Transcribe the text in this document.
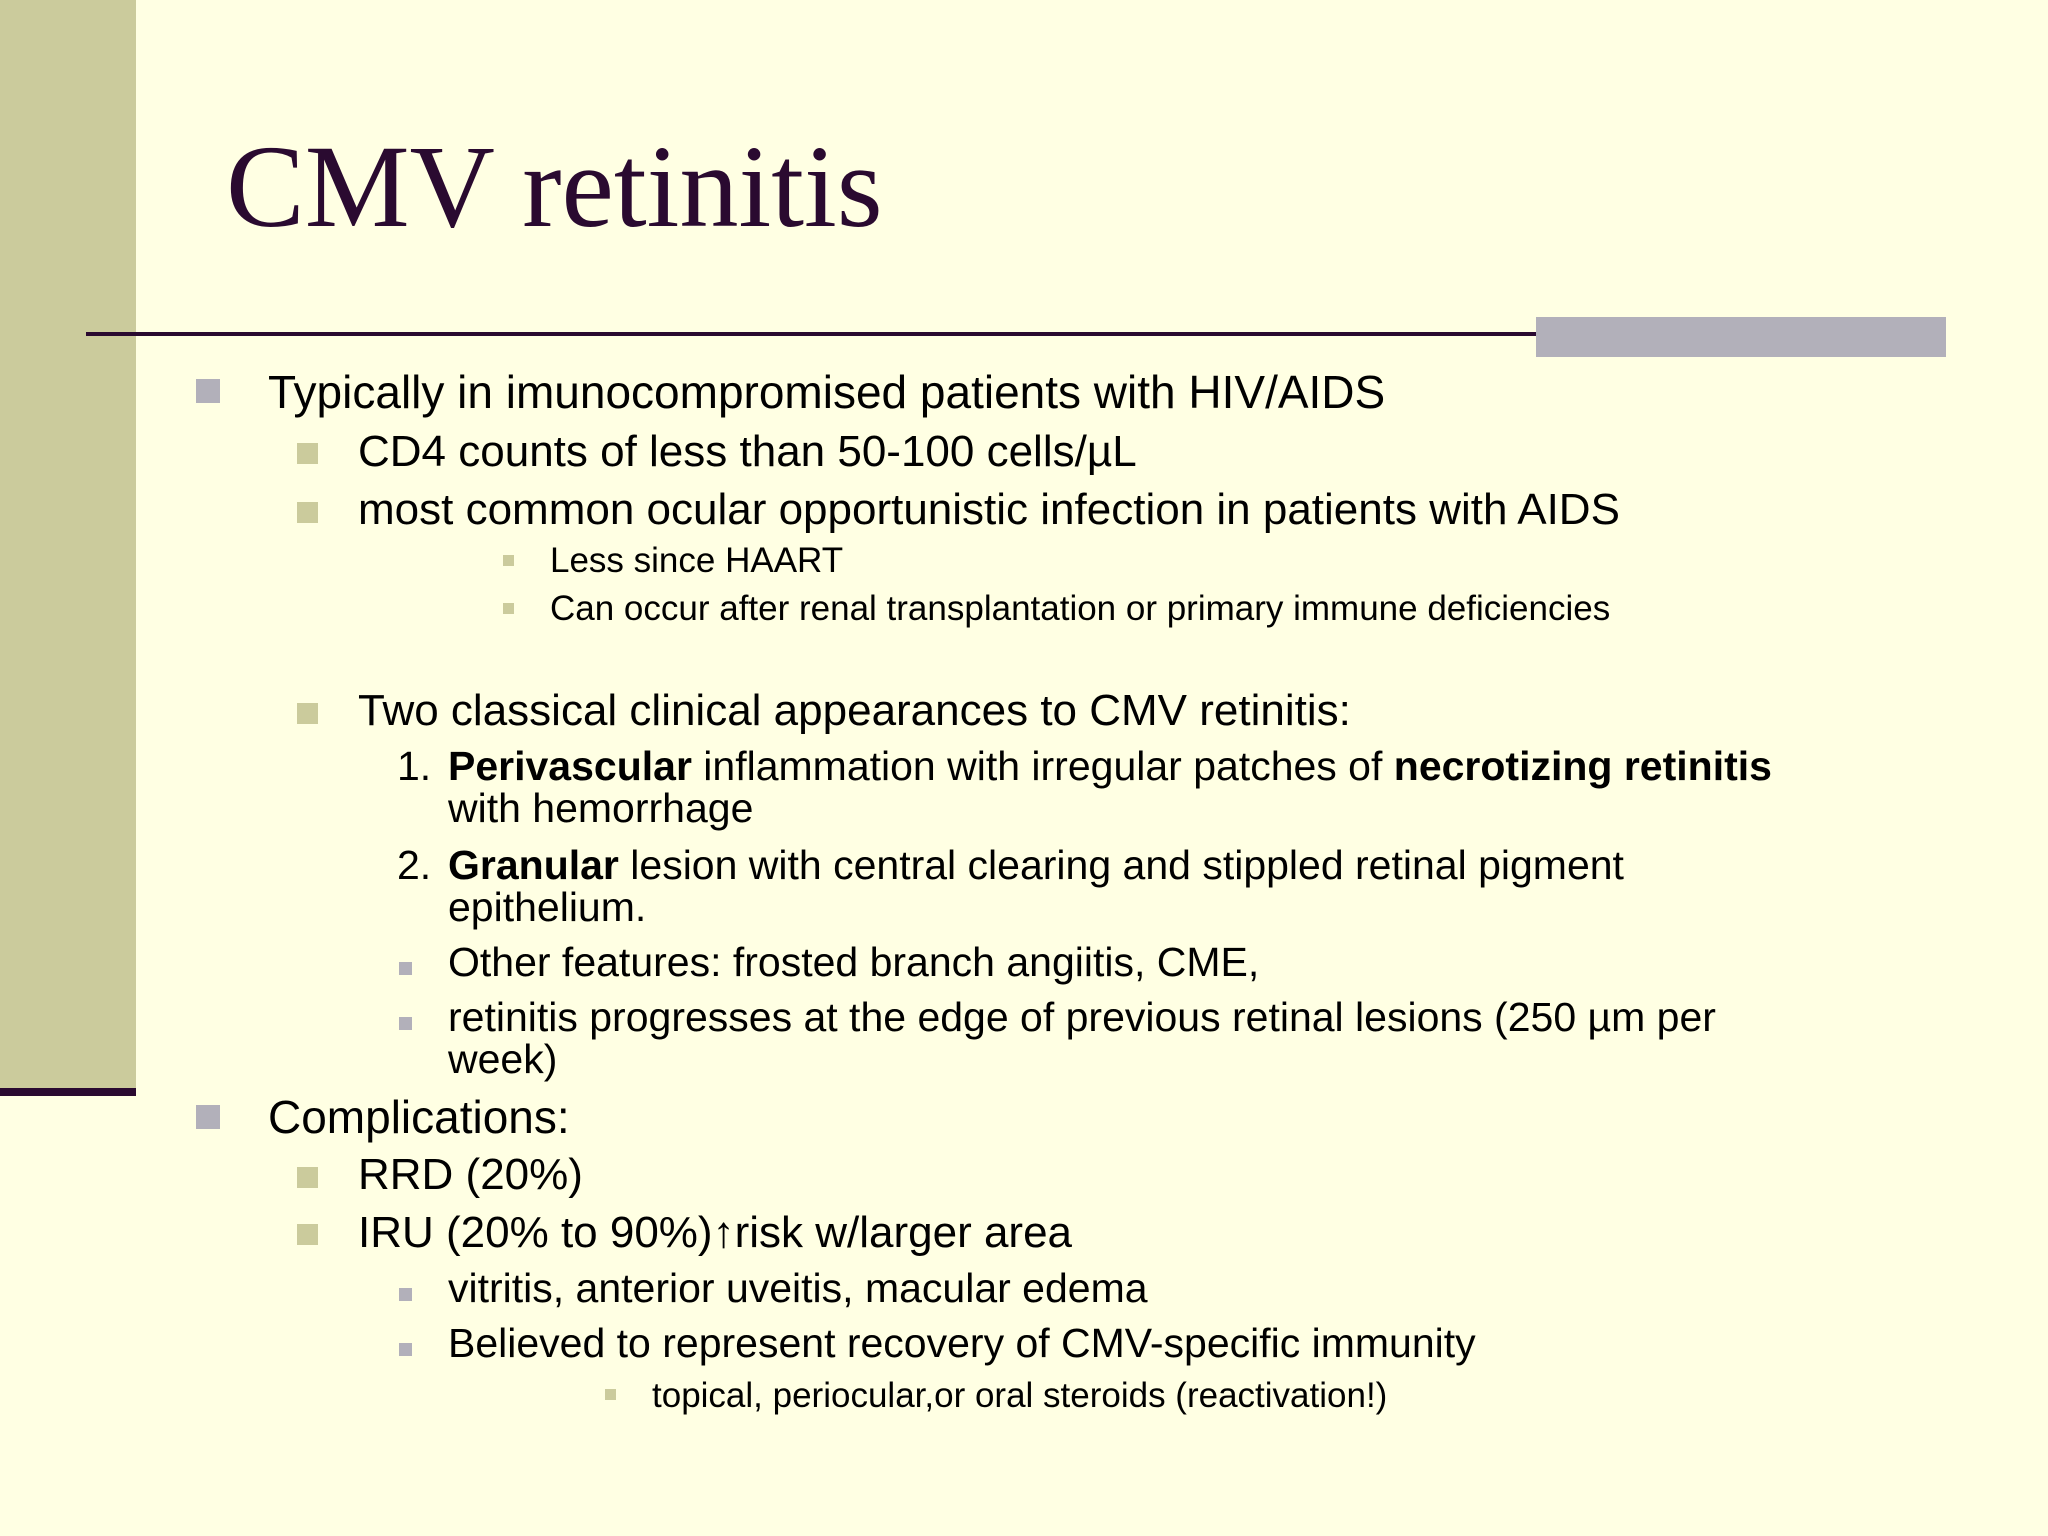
CMV retinitis
Typically in imunocompromised patients with HIV/AIDS
CD4 counts of less than 50-100 cells/µL
most common ocular opportunistic infection in patients with AIDS
Less since HAART
Can occur after renal transplantation or primary immune deficiencies
Two classical clinical appearances to CMV retinitis:
1. Perivascular inflammation with irregular patches of necrotizing retinitis
with hemorrhage
2. Granular lesion with central clearing and stippled retinal pigment
epithelium.
Other features: frosted branch angiitis, CME,
retinitis progresses at the edge of previous retinal lesions (250 µm per
week)
Complications:
RRD (20%)
IRU (20% to 90%)↑risk w/larger area
vitritis, anterior uveitis, macular edema
Believed to represent recovery of CMV-specific immunity
topical, periocular,or oral steroids (reactivation!)
